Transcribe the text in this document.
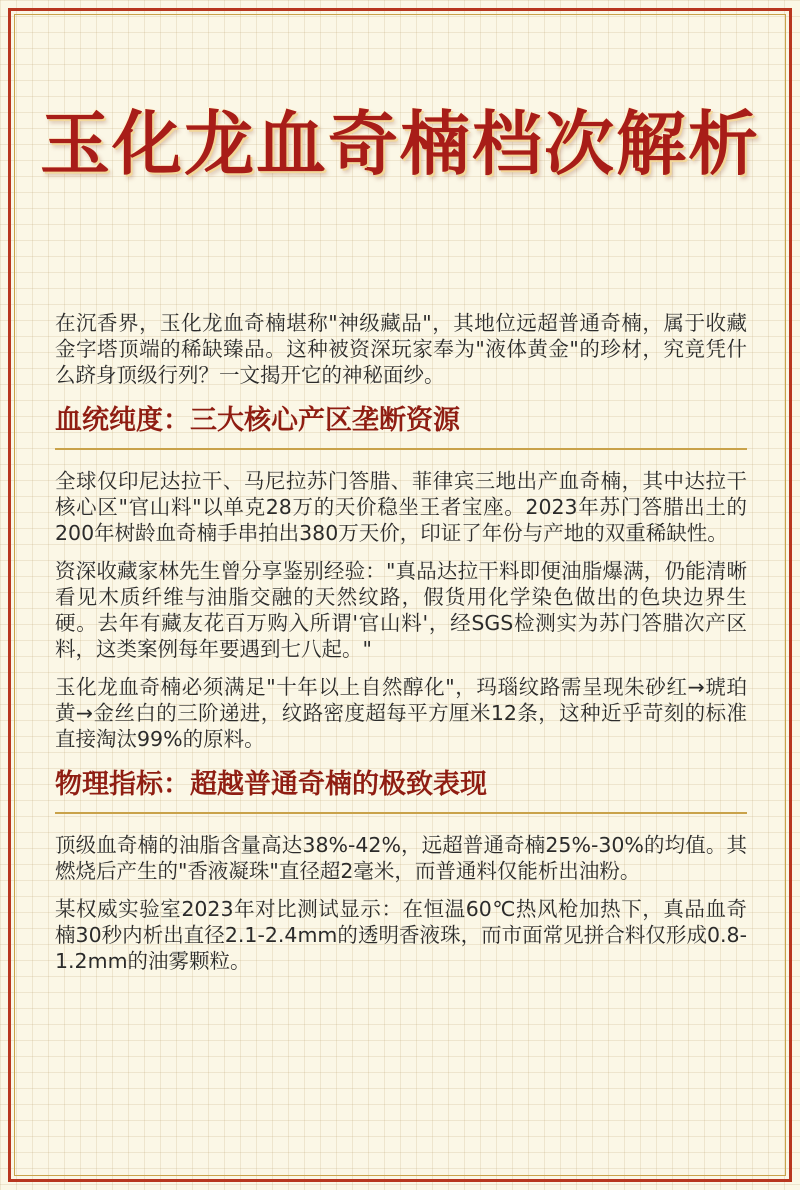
玉化龙血奇楠档次解析

在沉香界，玉化龙血奇楠堪称"神级藏品"，其地位远超普通奇楠，属于收藏金字塔顶端的稀缺臻品。这种被资深玩家奉为"液体黄金"的珍材，究竟凭什么跻身顶级行列？一文揭开它的神秘面纱。

血统纯度：三大核心产区垄断资源

全球仅印尼达拉干、马尼拉苏门答腊、菲律宾三地出产血奇楠，其中达拉干核心区"官山料"以单克28万的天价稳坐王者宝座。2023年苏门答腊出土的200年树龄血奇楠手串拍出380万天价，印证了年份与产地的双重稀缺性。

资深收藏家林先生曾分享鉴别经验："真品达拉干料即便油脂爆满，仍能清晰看见木质纤维与油脂交融的天然纹路，假货用化学染色做出的色块边界生硬。去年有藏友花百万购入所谓'官山料'，经SGS检测实为苏门答腊次产区料，这类案例每年要遇到七八起。"

玉化龙血奇楠必须满足"十年以上自然醇化"，玛瑙纹路需呈现朱砂红→琥珀黄→金丝白的三阶递进，纹路密度超每平方厘米12条，这种近乎苛刻的标准直接淘汰99%的原料。

物理指标：超越普通奇楠的极致表现

顶级血奇楠的油脂含量高达38%-42%，远超普通奇楠25%-30%的均值。其燃烧后产生的"香液凝珠"直径超2毫米，而普通料仅能析出油粉。

某权威实验室2023年对比测试显示：在恒温60℃热风枪加热下，真品血奇楠30秒内析出直径2.1-2.4mm的透明香液珠，而市面常见拼合料仅形成0.8-1.2mm的油雾颗粒。
